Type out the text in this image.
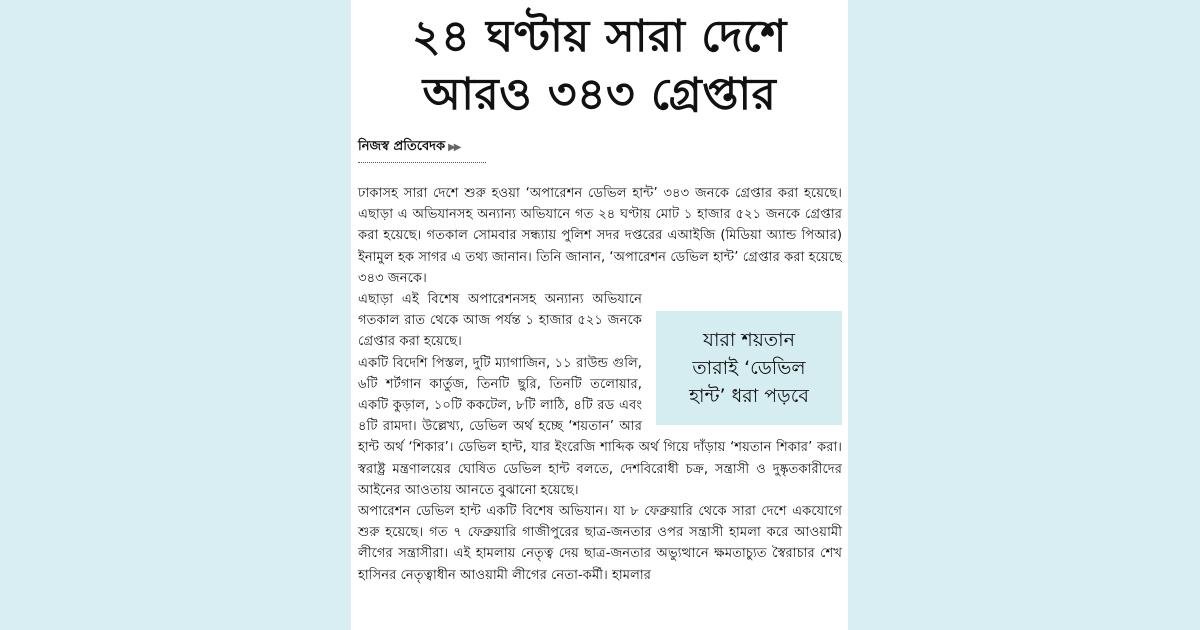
২৪ ঘণ্টায় সারা দেশে
আরও ৩৪৩ গ্রেপ্তার
নিজস্ব প্রতিবেদক ▶▶

ঢাকাসহ সারা দেশে শুরু হওয়া ‘অপারেশন ডেভিল হান্ট’ ৩৪৩ জনকে গ্রেপ্তার করা হয়েছে। এছাড়া এ অভিযানসহ অন্যান্য অভিযানে গত ২৪ ঘণ্টায় মোট ১ হাজার ৫২১ জনকে গ্রেপ্তার করা হয়েছে। গতকাল সোমবার সন্ধ্যায় পুলিশ সদর দপ্তরের এআইজি (মিডিয়া অ্যান্ড পিআর) ইনামুল হক সাগর এ তথ্য জানান। তিনি জানান, ‘অপারেশন ডেভিল হান্ট’ গ্রেপ্তার করা হয়েছে ৩৪৩ জনকে।

যারা শয়তান
তারাই ‘ডেভিল
হান্ট’ ধরা পড়বে

এছাড়া এই বিশেষ অপারেশনসহ অন্যান্য অভিযানে গতকাল রাত থেকে আজ পর্যন্ত ১ হাজার ৫২১ জনকে গ্রেপ্তার করা হয়েছে।

একটি বিদেশি পিস্তল, দুটি ম্যাগাজিন, ১১ রাউন্ড গুলি, ৬টি শর্টগান কার্তুজ, তিনটি ছুরি, তিনটি তলোয়ার, একটি কুড়াল, ১০টি ককটেল, ৮টি লাঠি, ৪টি রড এবং ৪টি রামদা। উল্লেখ্য, ডেভিল অর্থ হচ্ছে ‘শয়তান’ আর হান্ট অর্থ ‘শিকার’। ডেভিল হান্ট, যার ইংরেজি শাব্দিক অর্থ গিয়ে দাঁড়ায় ‘শয়তান শিকার’ করা। স্বরাষ্ট্র মন্ত্রণালয়ের ঘোষিত ডেভিল হান্ট বলতে, দেশবিরোধী চক্র, সন্ত্রাসী ও দুষ্কৃতকারীদের আইনের আওতায় আনতে বুঝানো হয়েছে।

অপারেশন ডেভিল হান্ট একটি বিশেষ অভিযান। যা ৮ ফেব্রুয়ারি থেকে সারা দেশে একযোগে শুরু হয়েছে। গত ৭ ফেব্রুয়ারি গাজীপুরের ছাত্র-জনতার ওপর সন্ত্রাসী হামলা করে আওয়ামী লীগের সন্ত্রাসীরা। এই হামলায় নেতৃত্ব দেয় ছাত্র-জনতার অভ্যুত্থানে ক্ষমতাচ্যুত স্বৈরাচার শেখ হাসিনর নেতৃত্বাধীন আওয়ামী লীগের নেতা-কর্মী। হামলার
